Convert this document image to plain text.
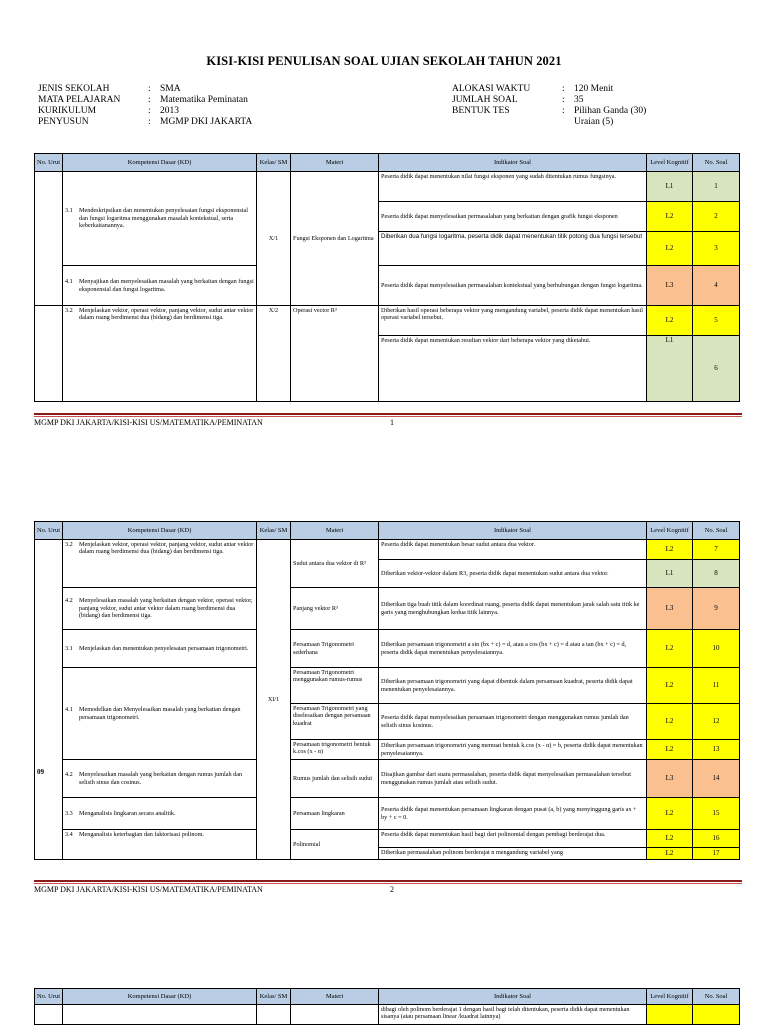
KISI-KISI PENULISAN SOAL UJIAN SEKOLAH TAHUN 2021
JENIS SEKOLAH	: SMA
MATA PELAJARAN	: Matematika Peminatan
KURIKULUM	: 2013
PENYUSUN	: MGMP DKI JAKARTA
ALOKASI WAKTU	: 120 Menit
JUMLAH SOAL	: 35
BENTUK TES	: Pilihan Ganda (30)
Uraian (5)
No. Urut	Kompetensi Dasar (KD)	Kelas/ SM	Materi	Indikator Soal	Level Kognitif	No. Soal

	3.1 Mendeskripsikan dan menentukan penyelesaian fungsi eksponensial dan fungsi logaritma menggunakan masalah kontekstual, serta keberkaitanannya.	X/1	Fungsi Eksponen dan Logaritma	Peserta didik dapat menentukan nilai fungsi eksponen yang sudah ditentukan rumus fungsinya.	L1	1
				Peserta didik dapat menyelesaikan permasalahan yang berkaitan dengan grafik fungsi eksponen	L2	2
				Diberikan dua fungsi logaritma, peserta didik dapat menentukan titik potong dua fungsi tersebut	L2	3

	4.1 Menyajikan dan menyelesaikan masalah yang berkaitan dengan fungsi eksponensial dan fungsi logaritma.			Peserta didik dapat menyelesaikan permasalahan kontekstual yang berhubungan dengan fungsi logaritma.	L3	4

	3.2 Menjelaskan vektor, operasi vektor, panjang vektor, sudut antar vektor dalam ruang berdimensi dua (bidang) dan berdimensi tiga.	X/2	Operasi vector R³	Diberikan hasil operasi beberapa vektor yang mengandung variabel, peserta didik dapat menentukan hasil operasi variabel tersebut.	L2	5
				Peserta didik dapat menentukan resultan vektor dari beberapa vektor yang diketahui.	L1	6
MGMP DKI JAKARTA/KISI-KISI US/MATEMATIKA/PEMINATAN	1
No. Urut	Kompetensi Dasar (KD)	Kelas/ SM	Materi	Indikator Soal	Level Kognitif	No. Soal

	3.2 Menjelaskan vektor, operasi vektor, panjang vektor, sudut antar vektor dalam ruang berdimensi dua (bidang) dan berdimensi tiga.	XI/1	Sudut antara dua vektor di R³	Peserta didik dapat menentukan besar sudut antara dua vektor.	L2	7
				Diberikan vektor-vektor dalam R3, peserta didik dapat menentukan sudut antara dua vektor.	L1	8

	4.2 Menyelesaikan masalah yang berkaitan dengan vektor, operasi vektor, panjang vektor, sudut antar vektor dalam ruang berdimensi dua (bidang) dan berdimensi tiga.		Panjang vektor R³	Diberikan tiga buah titik dalam koordinat ruang, peserta didik dapat menentukan jarak salah satu titik ke garis yang menghubungkan kedua titik lainnya.	L3	9

	3.1 Menjelaskan dan menentukan penyelesaian persamaan trigonometri.		Persamaan Trigonometri sederhana	Diberikan persamaan trigonometri a sin (bx + c) = d, atau a cos (bx + c) = d atau a tan (bx + c) = d, peserta didik dapat menentukan penyelesaiannya.	L2	10

	4.1 Memodelkan dan Menyelesaikan masalah yang berkaitan dengan persamaan trigonometri.		Persamaan Trigonometri menggunakan rumus-rumus	Diberikan persamaan trigonometri yang dapat dibentuk dalam persamaan kuadrat, peserta didik dapat menentukan penyelesaiannya.	L2	11
			Persamaan Trigonometri yang diselesaikan dengan persamaan kuadrat	Peserta didik dapat menyelesaikan persamaan trigonometri dengan menggunakan rumus jumlah dan selisih sinus kosinus.	L2	12
			Persamaan trigonometri bentuk k.cos (x - α)	Diberikan persamaan trigonometri yang memuat bentuk k.cos (x - α) = b, peserta didik dapat menentukan penyelesaiannya.	L2	13

	4.2 Menyelesaikan masalah yang berkaitan dengan rumus jumlah dan selisih sinus dan cosinus.		Rumus jumlah dan selisih sudut	Disajikan gambar dari suatu permasalahan, peserta didik dapat menyelesaikan permasalahan tersebut menggunakan rumus jumlah atau selisih sudut.	L3	14

	3.3 Menganalisis lingkaran secara analitik.		Persamaan lingkaran	Peserta didik dapat menentukan persamaan lingkaran dengan pusat (a, b) yang menyinggung garis ax + by + c = 0.	L2	15

	3.4 Menganalisis keterbagian dan faktorisasi polinom.		Polinomial	Peserta didik dapat menentukan hasil bagi dari polinomial dengan pembagi berderajat dua.	L2	16
				Diberikan permasalahan polinom berderajat n mengandung variabel yang	L2	17
09
MGMP DKI JAKARTA/KISI-KISI US/MATEMATIKA/PEMINATAN	2
No. Urut	Kompetensi Dasar (KD)	Kelas/ SM	Materi	Indikator Soal	Level Kognitif	No. Soal
				dibagi oleh polinom berderajat 1 dengan hasil bagi telah ditentukan, peserta didik dapat menentukan sisanya (atau persamaan linear /kuadrat lainnya)		
